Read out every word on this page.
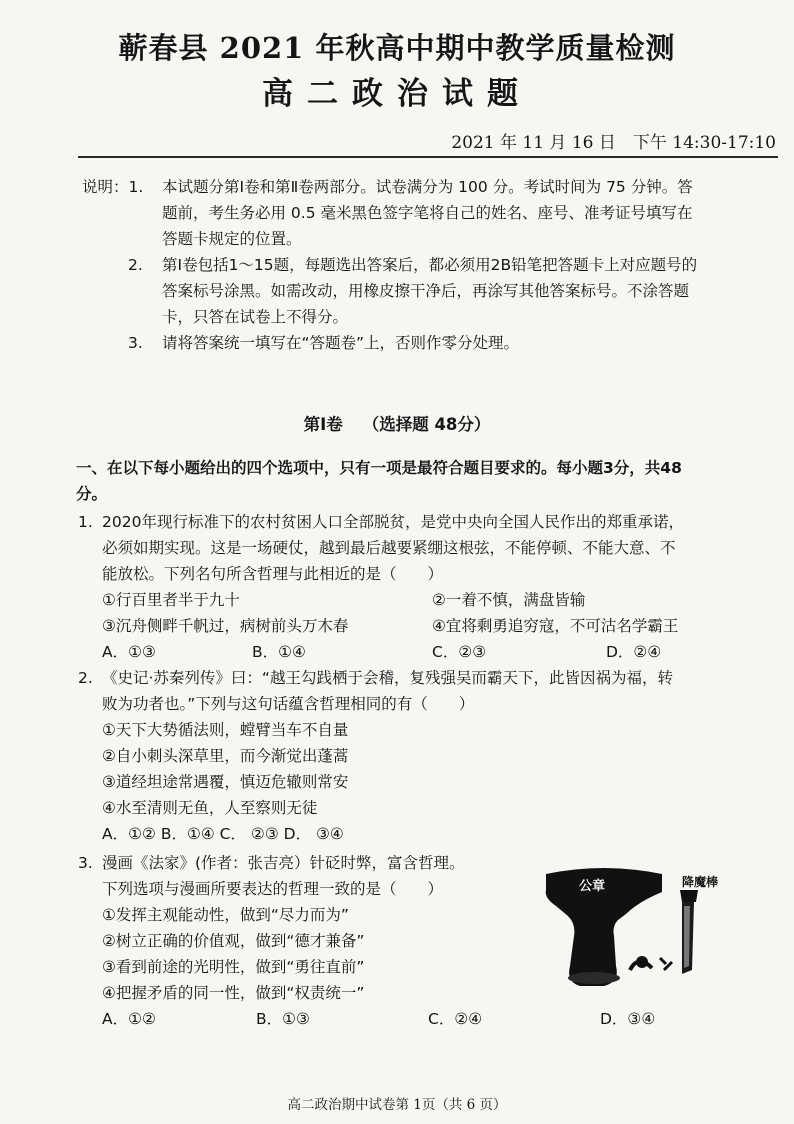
蕲春县 2021 年秋高中期中教学质量检测
高二政治试题
2021 年 11 月 16 日　下午 14:30-17:10
说明：1. 本试题分第Ⅰ卷和第Ⅱ卷两部分。试卷满分为 100 分。考试时间为 75 分钟。答
题前，考生务必用 0.5 毫米黑色签字笔将自己的姓名、座号、准考证号填写在
答题卡规定的位置。
2. 第Ⅰ卷包括1～15题，每题选出答案后，都必须用2B铅笔把答题卡上对应题号的
答案标号涂黑。如需改动，用橡皮擦干净后，再涂写其他答案标号。不涂答题
卡，只答在试卷上不得分。
3. 请将答案统一填写在“答题卷”上，否则作零分处理。
第Ⅰ卷 （选择题 48分）
一、在以下每小题给出的四个选项中，只有一项是最符合题目要求的。每小题3分，共48
分。
1. 2020年现行标准下的农村贫困人口全部脱贫，是党中央向全国人民作出的郑重承诺，
必须如期实现。这是一场硬仗，越到最后越要紧绷这根弦，不能停顿、不能大意、不
能放松。下列名句所含哲理与此相近的是（　　）
①行百里者半于九十	②一着不慎，满盘皆输
③沉舟侧畔千帆过，病树前头万木春	④宜将剩勇追穷寇，不可沽名学霸王
A．①③	B．①④	C．②③	D．②④
2. 《史记·苏秦列传》曰：“越王勾践栖于会稽，复残强吴而霸天下，此皆因祸为福，转
败为功者也。”下列与这句话蕴含哲理相同的有（　　）
①天下大势循法则，螳臂当车不自量
②自小刺头深草里，而今渐觉出蓬蒿
③道经坦途常遇覆，慎迈危辙则常安
④水至清则无鱼，人至察则无徒
A．①② B．①④ C． ②③ D． ③④
3. 漫画《法家》(作者：张吉亮）针砭时弊，富含哲理。
下列选项与漫画所要表达的哲理一致的是（　　）
①发挥主观能动性，做到“尽力而为”
②树立正确的价值观，做到“德才兼备”
③看到前途的光明性，做到“勇往直前”
④把握矛盾的同一性，做到“权责统一”
A．①②	B．①③	C．②④	D．③④
公章	降魔棒
高二政治期中试卷第 1页（共 6 页）
